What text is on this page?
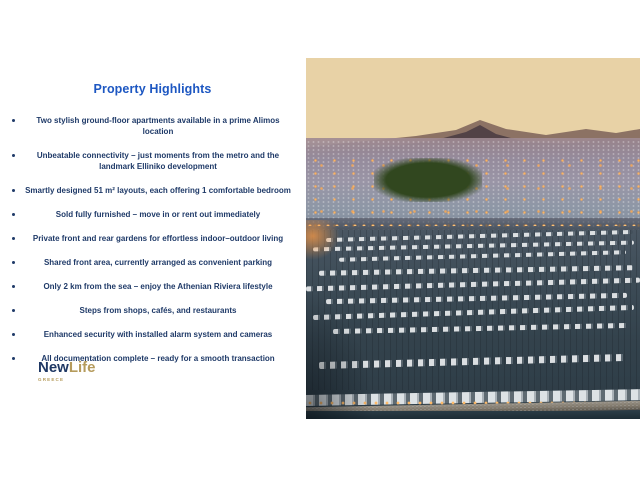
Property Highlights
Two stylish ground-floor apartments available in a prime Alimos location
Unbeatable connectivity – just moments from the metro and the landmark Elliniko development
Smartly designed 51 m² layouts, each offering 1 comfortable bedroom
Sold fully furnished – move in or rent out immediately
Private front and rear gardens for effortless indoor–outdoor living
Shared front area, currently arranged as convenient parking
Only 2 km from the sea – enjoy the Athenian Riviera lifestyle
Steps from shops, cafés, and restaurants
Enhanced security with installed alarm system and cameras
All documentation complete – ready for a smooth transaction
NewLife
GREECE
